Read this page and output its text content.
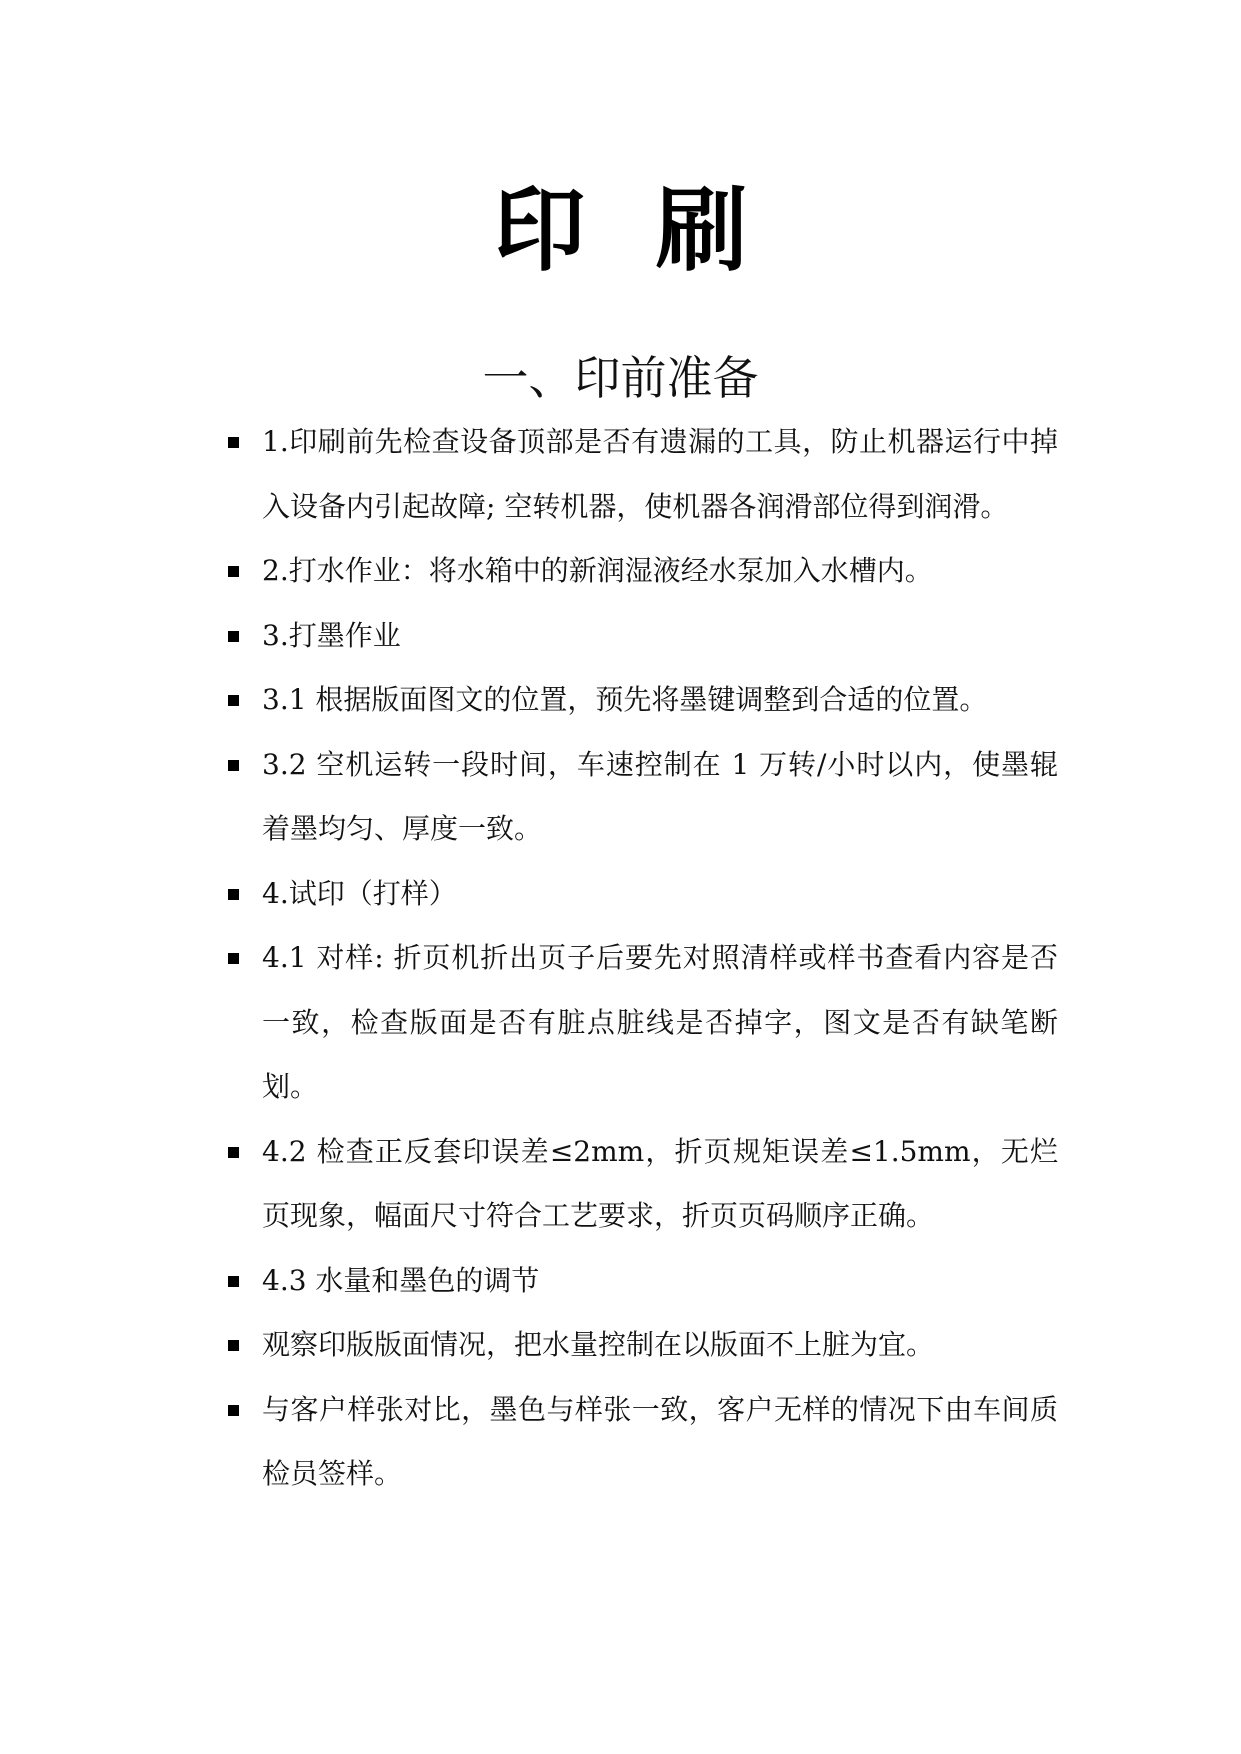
印刷
一、印前准备
1.印刷前先检查设备顶部是否有遗漏的工具，防止机器运行中掉入设备内引起故障; 空转机器，使机器各润滑部位得到润滑。
2.打水作业：将水箱中的新润湿液经水泵加入水槽内。
3.打墨作业
3.1 根据版面图文的位置，预先将墨键调整到合适的位置。
3.2 空机运转一段时间，车速控制在 1 万转/小时以内，使墨辊着墨均匀、厚度一致。
4.试印（打样）
4.1 对样: 折页机折出页子后要先对照清样或样书查看内容是否一致，检查版面是否有脏点脏线是否掉字，图文是否有缺笔断划。
4.2 检查正反套印误差≤2mm，折页规矩误差≤1.5mm，无烂页现象，幅面尺寸符合工艺要求，折页页码顺序正确。
4.3 水量和墨色的调节
观察印版版面情况，把水量控制在以版面不上脏为宜。
与客户样张对比，墨色与样张一致，客户无样的情况下由车间质检员签样。
